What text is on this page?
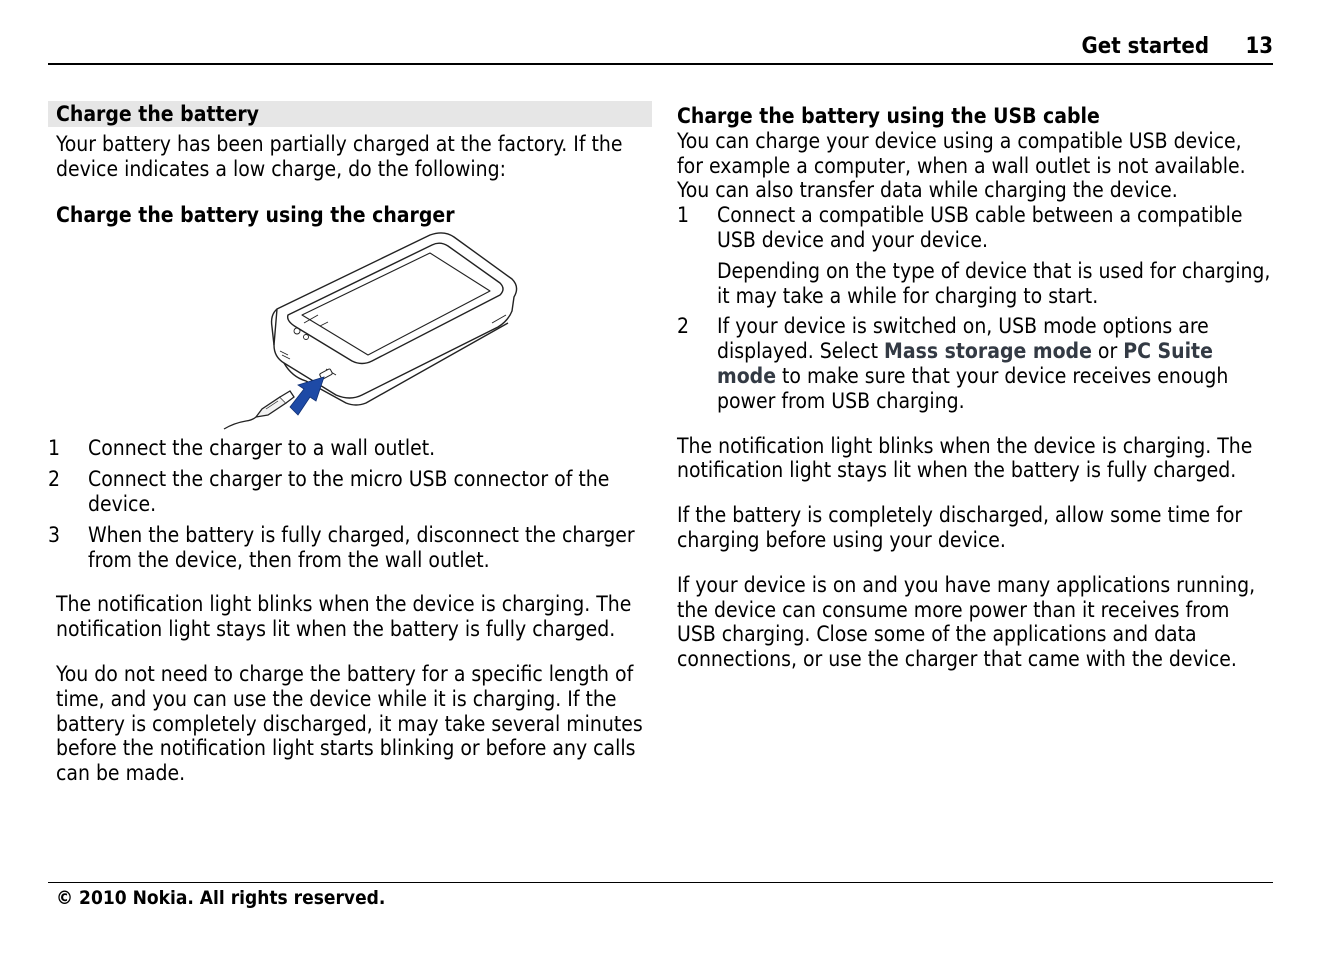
Get started 13
Charge the battery

Your battery has been partially charged at the factory. If the device indicates a low charge, do the following:

Charge the battery using the charger

1 Connect the charger to a wall outlet.
2 Connect the charger to the micro USB connector of the device.
3 When the battery is fully charged, disconnect the charger from the device, then from the wall outlet.

The notification light blinks when the device is charging. The notification light stays lit when the battery is fully charged.

You do not need to charge the battery for a specific length of time, and you can use the device while it is charging. If the battery is completely discharged, it may take several minutes before the notification light starts blinking or before any calls can be made.

Charge the battery using the USB cable

You can charge your device using a compatible USB device, for example a computer, when a wall outlet is not available. You can also transfer data while charging the device.

1 Connect a compatible USB cable between a compatible USB device and your device.
Depending on the type of device that is used for charging, it may take a while for charging to start.
2 If your device is switched on, USB mode options are displayed. Select Mass storage mode or PC Suite mode to make sure that your device receives enough power from USB charging.

The notification light blinks when the device is charging. The notification light stays lit when the battery is fully charged.

If the battery is completely discharged, allow some time for charging before using your device.

If your device is on and you have many applications running, the device can consume more power than it receives from USB charging. Close some of the applications and data connections, or use the charger that came with the device.

© 2010 Nokia. All rights reserved.
